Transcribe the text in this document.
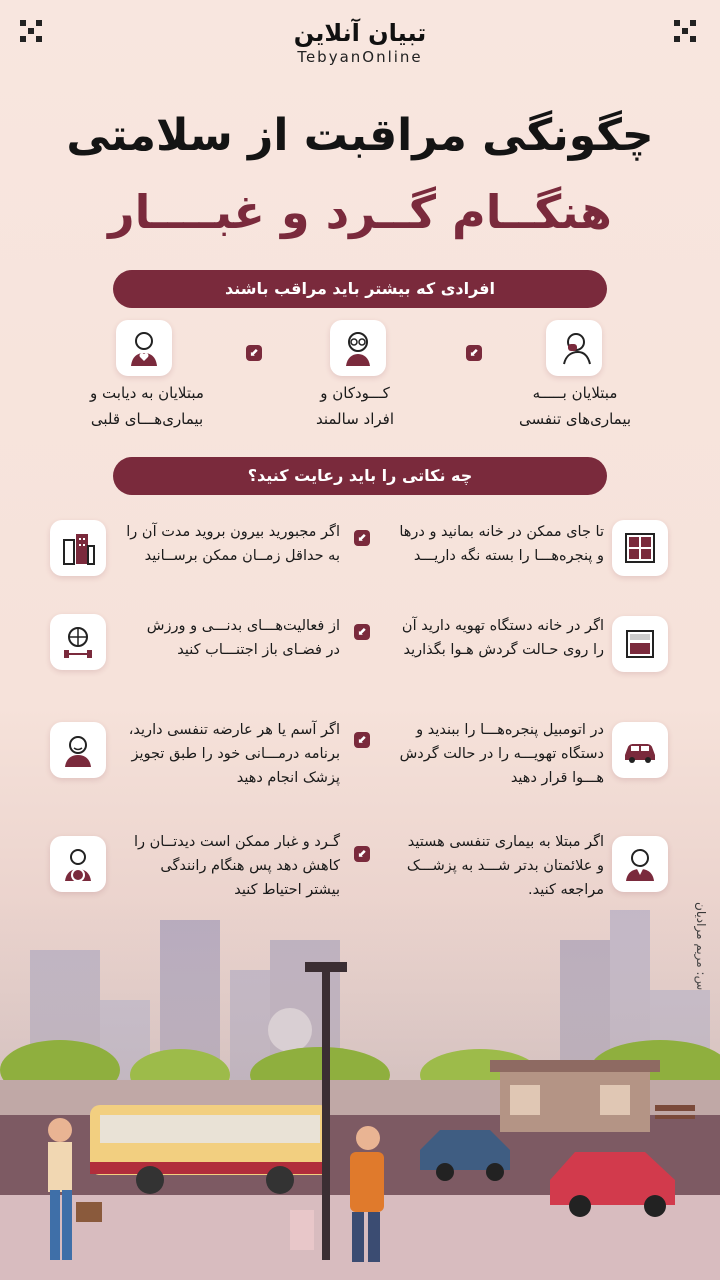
تبیان آنلاین
TebyanOnline
چگونگی مراقبت از سلامتی
هنگــام گــرد و غبــــار
افرادی که بیشتر باید مراقب باشند
⬋
⬋
مبتلایان بـــــه
بیماری‌های تنفسی
کـــودکان و
افراد سالمند
مبتلایان به دیابت و
بیماری‌هـــای قلبی
چه نکاتی را باید رعایت کنید؟
⬋	تا جای ممکن در خانه بمانید و درها
و پنجره‌هـــا را بسته نگه داریـــد
اگر مجبورید بیرون بروید مدت آن را
به حداقل زمــان ممکن برســانید
⬋	اگر در خانه دستگاه تهویه دارید آن
را روی حـالت گردش هـوا بگذارید
از فعالیت‌هـــای بدنـــی و ورزش
در فضـای باز اجتنـــاب کنید
⬋
در اتومبیل پنجره‌هـــا را ببندید و
دستگاه تهویـــه را در حالت گردش
هـــوا قرار دهید
اگر آسم یا هر عارضه تنفسی دارید،
برنامه درمـــانی خود را طبق تجویز
پزشک انجام دهید
⬋
اگر مبتلا به بیماری تنفسی هستید
و علائمتان بدتر شـــد به پزشـــک
مراجعه کنید.
گـرد و غبار ممکن است دیدتــان را
کاهش دهد پس هنگام رانندگی
بیشتر احتیاط کنید
